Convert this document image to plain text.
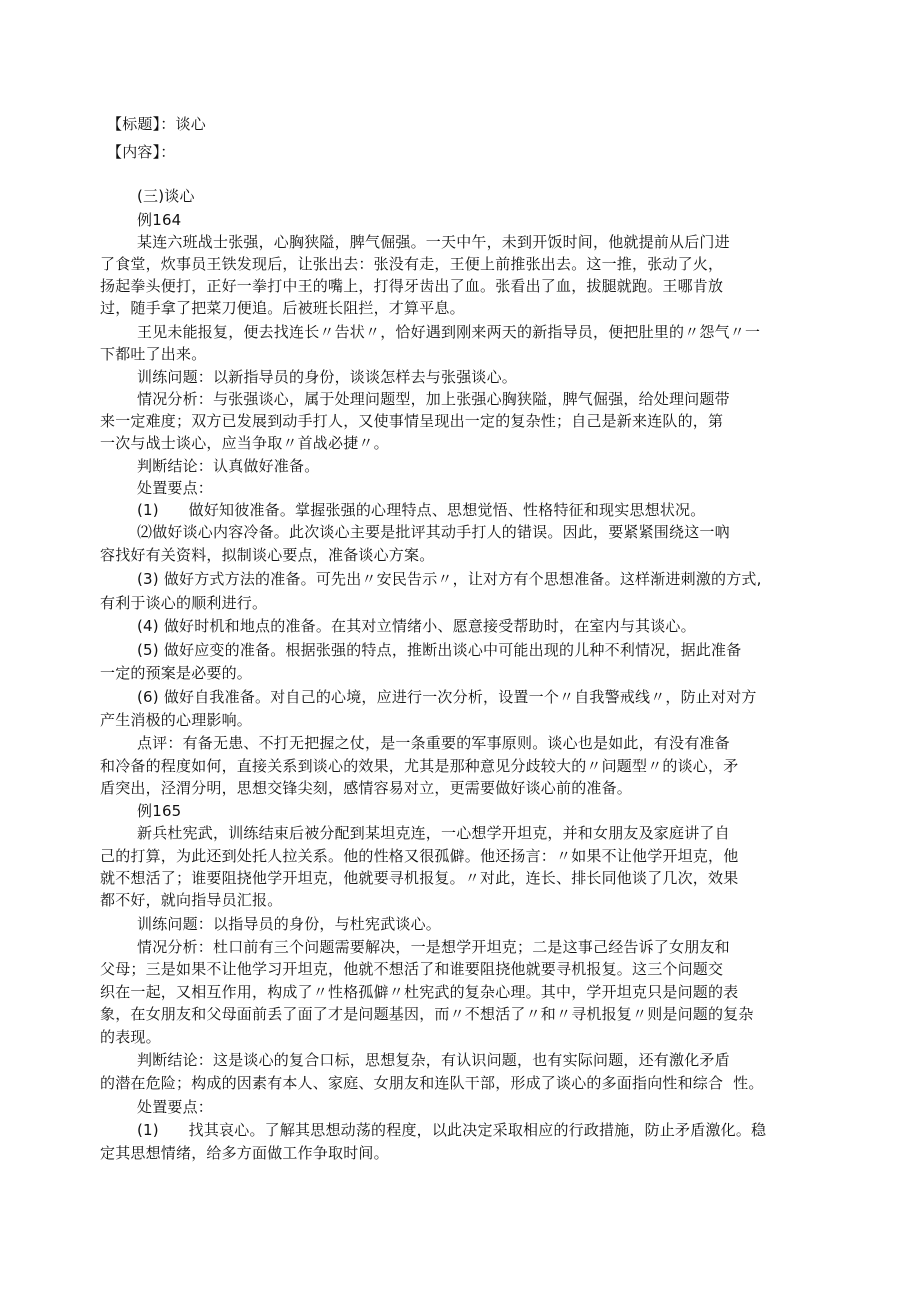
【标题】：谈心

【内容】：

(三)谈心

例164

某连六班战士张强，心胸狭隘，脾气倔强。一天中午，未到开饭时间，他就提前从后门进

了食堂，炊事员王铁发现后，让张出去：张没有走，王便上前推张出去。这一推，张动了火，

扬起拳头便打，正好一拳打中王的嘴上，打得牙齿出了血。张看出了血，拔腿就跑。王哪肯放

过，随手拿了把菜刀便追。后被班长阻拦，才算平息。

王见未能报复，便去找连长〃告状〃，恰好遇到刚来两天的新指导员，便把肚里的〃怨气〃一

下都吐了出来。

训练问题：以新指导员的身份，谈谈怎样去与张强谈心。

情况分析：与张强谈心，属于处理问题型，加上张强心胸狭隘，脾气倔强，给处理问题带

来一定难度；双方已发展到动手打人，又使事情呈现出一定的复杂性；自己是新来连队的，第

一次与战士谈心，应当争取〃首战必捷〃。

判断结论：认真做好准备。

处置要点：

(1)      做好知彼准备。掌握张强的心理特点、思想觉悟、性格特征和现实思想状况。

⑵做好谈心内容冷备。此次谈心主要是批评其动手打人的错误。因此，要紧紧围绕这一吶

容找好有关资料，拟制谈心要点，准备谈心方案。

(3) 做好方式方法的准备。可先出〃安民告示〃，让对方有个思想准备。这样渐进刺激的方式,

有利于谈心的顺利进行。

(4) 做好时机和地点的准备。在其对立情绪小、愿意接受帮助时，在室内与其谈心。

(5) 做好应变的准备。根据张强的特点，推断出谈心中可能出现的儿种不利情况，据此准备

一定的预案是必要的。

(6) 做好自我准备。对自己的心境，应进行一次分析，设置一个〃自我警戒线〃，防止对对方

产生消极的心理影响。

点评：有备无患、不打无把握之仗，是一条重要的军事原则。谈心也是如此，有没有准备

和冷备的程度如何，直接关系到谈心的效果，尤其是那种意见分歧较大的〃问题型〃的谈心，矛

盾突出，泾渭分明，思想交锋尖刻，感情容易对立，更需要做好谈心前的准备。

例165

新兵杜宪武，训练结束后被分配到某坦克连，一心想学开坦克，并和女朋友及家庭讲了自

己的打算，为此还到处托人拉关系。他的性格又很孤僻。他还扬言：〃如果不让他学开坦克，他

就不想活了；谁要阻挠他学开坦克，他就要寻机报复。〃对此，连长、排长同他谈了几次，效果

都不好，就向指导员汇报。

训练问题：以指导员的身份，与杜宪武谈心。

情况分析：杜口前有三个问题需要解决，一是想学开坦克；二是这事己经告诉了女朋友和

父母；三是如果不让他学习开坦克，他就不想活了和谁要阻挠他就要寻机报复。这三个问题交

织在一起，又相互作用，构成了〃性格孤僻〃杜宪武的复杂心理。其中，学开坦克只是问题的表

象，在女朋友和父母面前丢了面了才是问题基因，而〃不想活了〃和〃寻机报复〃则是问题的复杂

的表现。

判断结论：这是谈心的复合口标，思想复杂，有认识问题，也有实际问题，还有激化矛盾

的潜在危险；构成的因素有本人、家庭、女朋友和连队干部，形成了谈心的多面指向性和综合  性。

处置要点：

(1)      找其哀心。了解其思想动荡的程度，以此决定采取相应的行政措施，防止矛盾激化。稳

定其思想情绪，给多方面做工作争取时间。
